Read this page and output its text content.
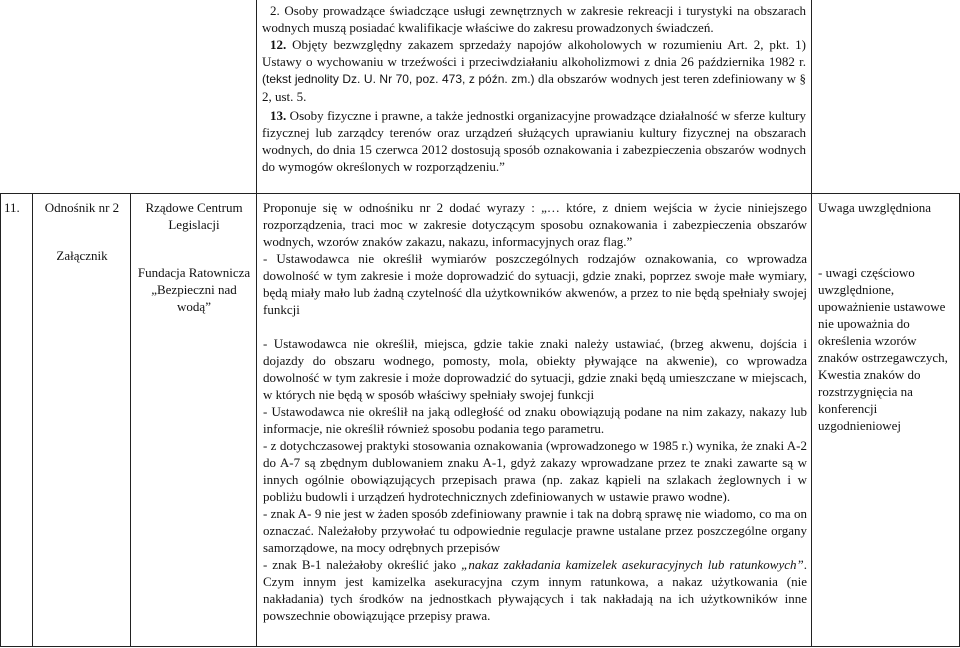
2. Osoby prowadzące świadczące usługi zewnętrznych w zakresie rekreacji i turystyki na obszarach wodnych muszą posiadać kwalifikacje właściwe do zakresu prowadzonych świadczeń.

12. Objęty bezwzględny zakazem sprzedaży napojów alkoholowych w rozumieniu Art. 2, pkt. 1) Ustawy o wychowaniu w trzeźwości i przeciwdziałaniu alkoholizmowi z dnia 26 października 1982 r. (tekst jednolity Dz. U. Nr 70, poz. 473, z późn. zm.) dla obszarów wodnych jest teren zdefiniowany w § 2, ust. 5.

13. Osoby fizyczne i prawne, a także jednostki organizacyjne prowadzące działalność w sferze kultury fizycznej lub zarządcy terenów oraz urządzeń służących uprawianiu kultury fizycznej na obszarach wodnych, do dnia 15 czerwca 2012 dostosują sposób oznakowania i zabezpieczenia obszarów wodnych do wymogów określonych w rozporządzeniu.”

11.	Odnośnik nr 2
Załącznik
Rządowe Centrum Legislacji
Fundacja Ratownicza „Bezpieczni nad wodą”

Proponuje się w odnośniku nr 2 dodać wyrazy : „… które, z dniem wejścia w życie niniejszego rozporządzenia, traci moc w zakresie dotyczącym sposobu oznakowania i zabezpieczenia obszarów wodnych, wzorów znaków zakazu, nakazu, informacyjnych oraz flag.”

- Ustawodawca nie określił wymiarów poszczególnych rodzajów oznakowania, co wprowadza dowolność w tym zakresie i może doprowadzić do sytuacji, gdzie znaki, poprzez swoje małe wymiary, będą miały mało lub żadną czytelność dla użytkowników akwenów, a przez to nie będą spełniały swojej funkcji

- Ustawodawca nie określił, miejsca, gdzie takie znaki należy ustawiać, (brzeg akwenu, dojścia i dojazdy do obszaru wodnego, pomosty, mola, obiekty pływające na akwenie), co wprowadza dowolność w tym zakresie i może doprowadzić do sytuacji, gdzie znaki będą umieszczane w miejscach, w których nie będą w sposób właściwy spełniały swojej funkcji

- Ustawodawca nie określił na jaką odległość od znaku obowiązują podane na nim zakazy, nakazy lub informacje, nie określił również sposobu podania tego parametru.

- z dotychczasowej praktyki stosowania oznakowania (wprowadzonego w 1985 r.) wynika, że znaki A-2 do A-7 są zbędnym dublowaniem znaku A-1, gdyż zakazy wprowadzane przez te znaki zawarte są w innych ogólnie obowiązujących przepisach prawa (np. zakaz kąpieli na szlakach żeglownych i w pobliżu budowli i urządzeń hydrotechnicznych zdefiniowanych w ustawie prawo wodne).

- znak A- 9 nie jest w żaden sposób zdefiniowany prawnie i tak na dobrą sprawę nie wiadomo, co ma on oznaczać. Należałoby przywołać tu odpowiednie regulacje prawne ustalane przez poszczególne organy samorządowe, na mocy odrębnych przepisów

- znak B-1 należałoby określić jako „nakaz zakładania kamizelek asekuracyjnych lub ratunkowych”. Czym innym jest kamizelka asekuracyjna czym innym ratunkowa, a nakaz użytkowania (nie nakładania) tych środków na jednostkach pływających i tak nakładają na ich użytkowników inne powszechnie obowiązujące przepisy prawa.

Uwaga uwzględniona
- uwagi częściowo uwzględnione, upoważnienie ustawowe nie upoważnia do określenia wzorów znaków ostrzegawczych, Kwestia znaków do rozstrzygnięcia na konferencji uzgodnieniowej
